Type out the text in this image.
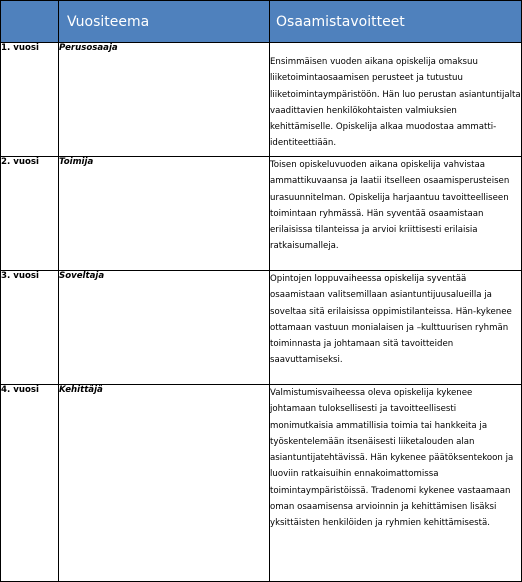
	Vuositeema	Osaamistavoitteet
1. vuosi	Perusosaaja	Ensimmäisen vuoden aikana opiskelija omaksuu liiketoimintaosaamisen perusteet ja tutustuu liiketoimintaympäristöön. Hän luo perustan asiantuntijalta vaadittavien henkilökohtaisten valmiuksien kehittämiselle. Opiskelija alkaa muodostaa ammatti-identiteettiään.
2. vuosi	Toimija	Toisen opiskeluvuoden aikana opiskelija vahvistaa ammattikuvaansa ja laatii itselleen osaamisperusteisen urasuunnitelman. Opiskelija harjaantuu tavoitteelliseen toimintaan ryhmässä. Hän syventää osaamistaan erilaisissa tilanteissa ja arvioi kriittisesti erilaisia ratkaisumalleja.
3. vuosi	Soveltaja	Opintojen loppuvaiheessa opiskelija syventää osaamistaan valitsemillaan asiantuntijuusalueilla ja soveltaa sitä erilaisissa oppimistilanteissa. Hän-kykenee ottamaan vastuun monialaisen ja –kulttuurisen ryhmän toiminnasta ja johtamaan sitä tavoitteiden saavuttamiseksi.
4. vuosi	Kehittäjä	Valmistumisvaiheessa oleva opiskelija kykenee johtamaan tuloksellisesti ja tavoitteellisesti monimutkaisia ammatillisia toimia tai hankkeita ja työskentelemään itsenäisesti liiketalouden alan asiantuntijatehtävissä. Hän kykenee päätöksentekoon ja luoviin ratkaisuihin ennakoimattomissa toimintaympäristöissä. Tradenomi kykenee vastaamaan oman osaamisensa arvioinnin ja kehittämisen lisäksi yksittäisten henkilöiden ja ryhmien kehittämisestä.
